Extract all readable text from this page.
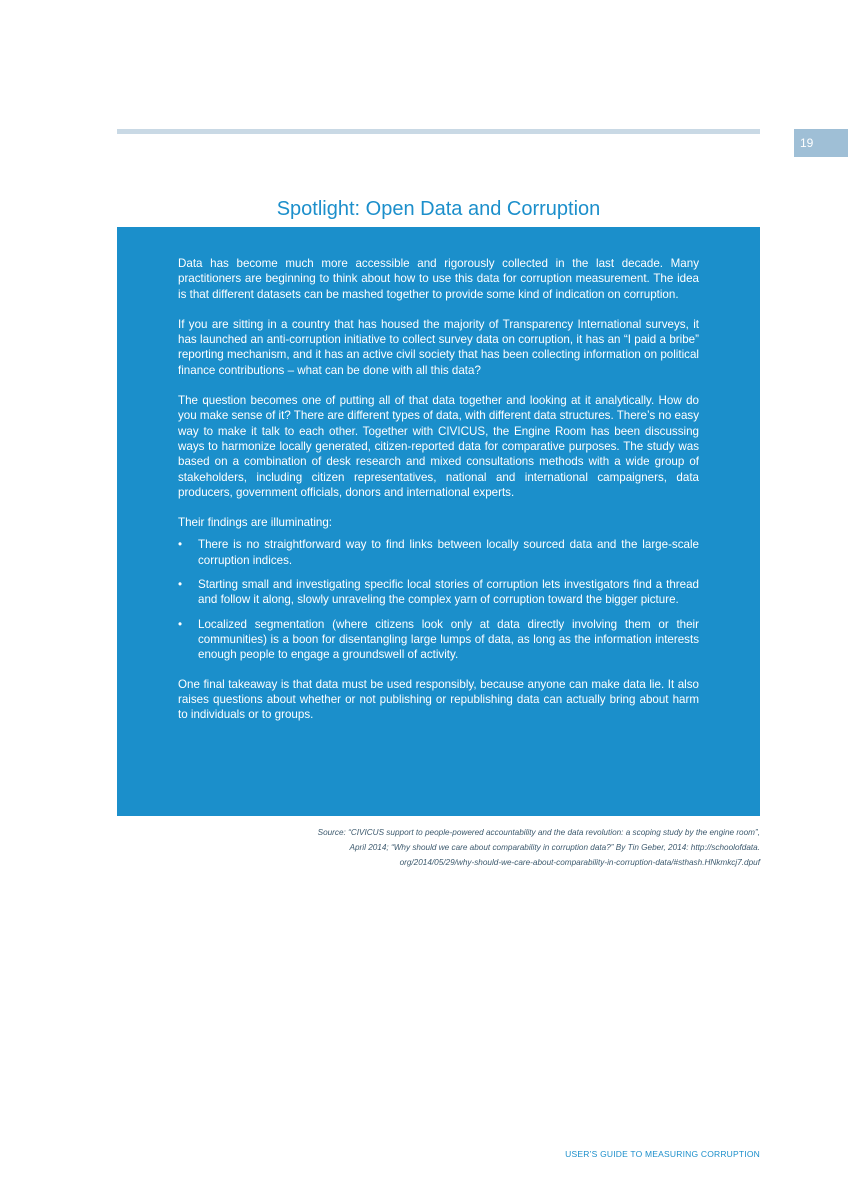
19
Spotlight: Open Data and Corruption

Data has become much more accessible and rigorously collected in the last decade. Many practitioners are beginning to think about how to use this data for corruption measurement. The idea is that different datasets can be mashed together to provide some kind of indication on corruption.

If you are sitting in a country that has housed the majority of Transparency International surveys, it has launched an anti-corruption initiative to collect survey data on corruption, it has an “I paid a bribe” reporting mechanism, and it has an active civil society that has been collecting information on political finance contributions – what can be done with all this data?

The question becomes one of putting all of that data together and looking at it analytically. How do you make sense of it? There are different types of data, with different data structures. There’s no easy way to make it talk to each other. Together with CIVICUS, the Engine Room has been discussing ways to harmonize locally generated, citizen-reported data for comparative purposes. The study was based on a combination of desk research and mixed consultations methods with a wide group of stakeholders, including citizen representatives, national and international campaigners, data producers, government officials, donors and international experts.

Their findings are illuminating:

• There is no straightforward way to find links between locally sourced data and the large-scale corruption indices.
• Starting small and investigating specific local stories of corruption lets investigators find a thread and follow it along, slowly unraveling the complex yarn of corruption toward the bigger picture.
• Localized segmentation (where citizens look only at data directly involving them or their communities) is a boon for disentangling large lumps of data, as long as the information interests enough people to engage a groundswell of activity.

One final takeaway is that data must be used responsibly, because anyone can make data lie. It also raises questions about whether or not publishing or republishing data can actually bring about harm to individuals or to groups.

Source: “CIVICUS support to people-powered accountability and the data revolution: a scoping study by the engine room”,
April 2014; “Why should we care about comparability in corruption data?” By Tin Geber, 2014: http://schoolofdata.
org/2014/05/29/why-should-we-care-about-comparability-in-corruption-data/#sthash.HNkmkcj7.dpuf
USER’S GUIDE TO MEASURING CORRUPTION
